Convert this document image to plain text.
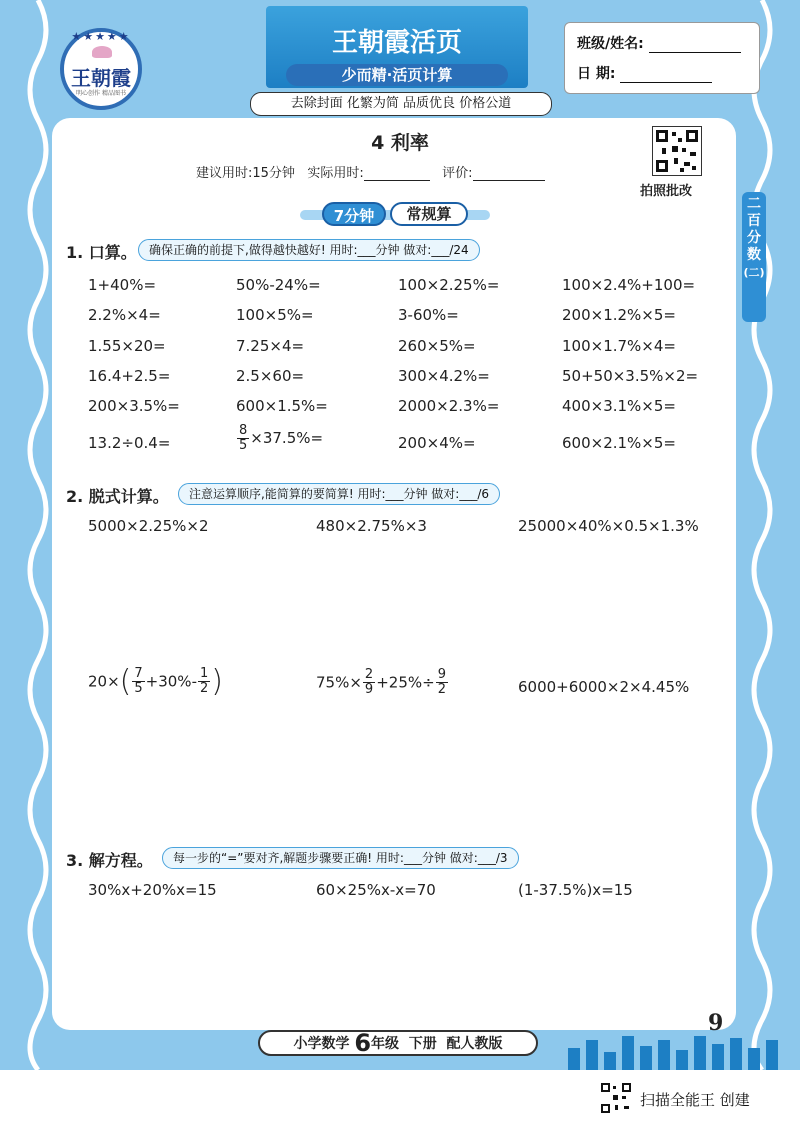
★★★★★
王朝霞
明心创作 精品图书
王朝霞活页
少而精·活页计算
去除封面 化繁为简 品质优良 价格公道
班级/姓名:
日 期:
4 利率
建议用时:15分钟 实际用时:	评价:
拍照批改
二
百
分
数
(二)
7分钟	常规算
1. 口算。	确保正确的前提下,做得越快越好! 用时:___分钟 做对:___/24
1+40%=	50%-24%=	100×2.25%=	100×2.4%+100=
2.2%×4=	100×5%=	3-60%=	200×1.2%×5=
1.55×20=	7.25×4=	260×5%=	100×1.7%×4=
16.4+2.5=	2.5×60=	300×4.2%=	50+50×3.5%×2=
200×3.5%=	600×1.5%=	2000×2.3%=	400×3.1%×5=
13.2÷0.4=	$\frac{8}{5} \times 37.5\%=$	200×4%=	600×2.1%×5=
2. 脱式计算。	注意运算顺序,能简算的要简算! 用时:___分钟 做对:___/6
5000×2.25%×2	480×2.75%×3	25000×40%×0.5×1.3%
$20\times( \frac{7}{5} +30\%- \frac{1}{2}$ )	$75\%\times \frac{2}{9} +25\%\div \frac{9}{2}$	6000+6000×2×4.45%
3. 解方程。	每一步的“=”要对齐,解题步骤要正确! 用时:___分钟 做对:___/3
30%x+20%x=15	60×25%x-x=70	(1-37.5%)x=15
9
小学数学 6年级 下册 配人教版
扫描全能王 创建
